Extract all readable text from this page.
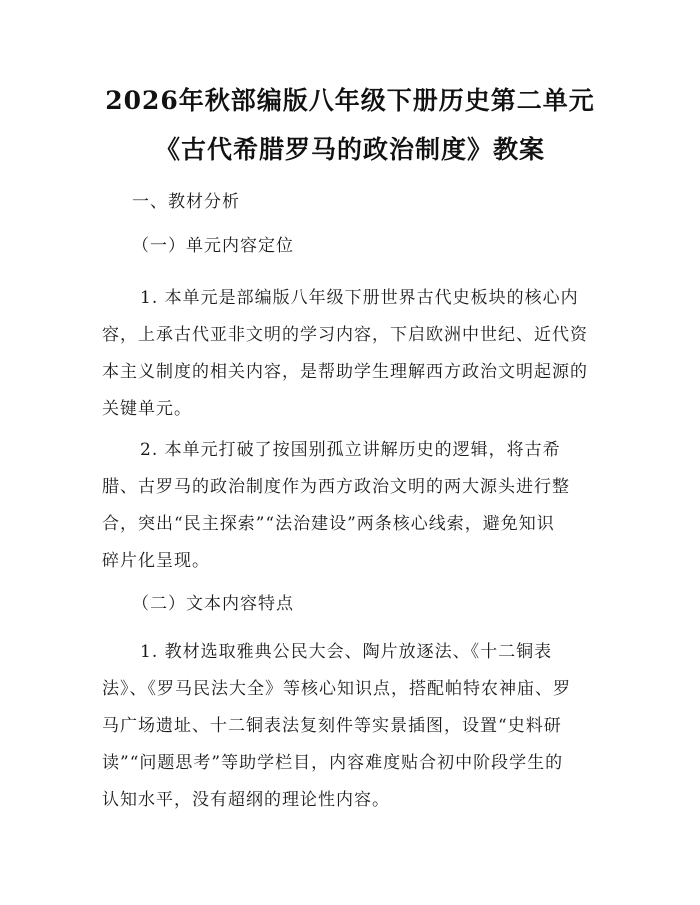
2026年秋部编版八年级下册历史第二单元
《古代希腊罗马的政治制度》教案
一、教材分析
（一）单元内容定位
1. 本单元是部编版八年级下册世界古代史板块的核心内
容，上承古代亚非文明的学习内容，下启欧洲中世纪、近代资
本主义制度的相关内容，是帮助学生理解西方政治文明起源的
关键单元。
2. 本单元打破了按国别孤立讲解历史的逻辑，将古希
腊、古罗马的政治制度作为西方政治文明的两大源头进行整
合，突出“民主探索”“法治建设”两条核心线索，避免知识
碎片化呈现。
（二）文本内容特点
1. 教材选取雅典公民大会、陶片放逐法、《十二铜表
法》、《罗马民法大全》等核心知识点，搭配帕特农神庙、罗
马广场遗址、十二铜表法复刻件等实景插图，设置“史料研
读”“问题思考”等助学栏目，内容难度贴合初中阶段学生的
认知水平，没有超纲的理论性内容。
